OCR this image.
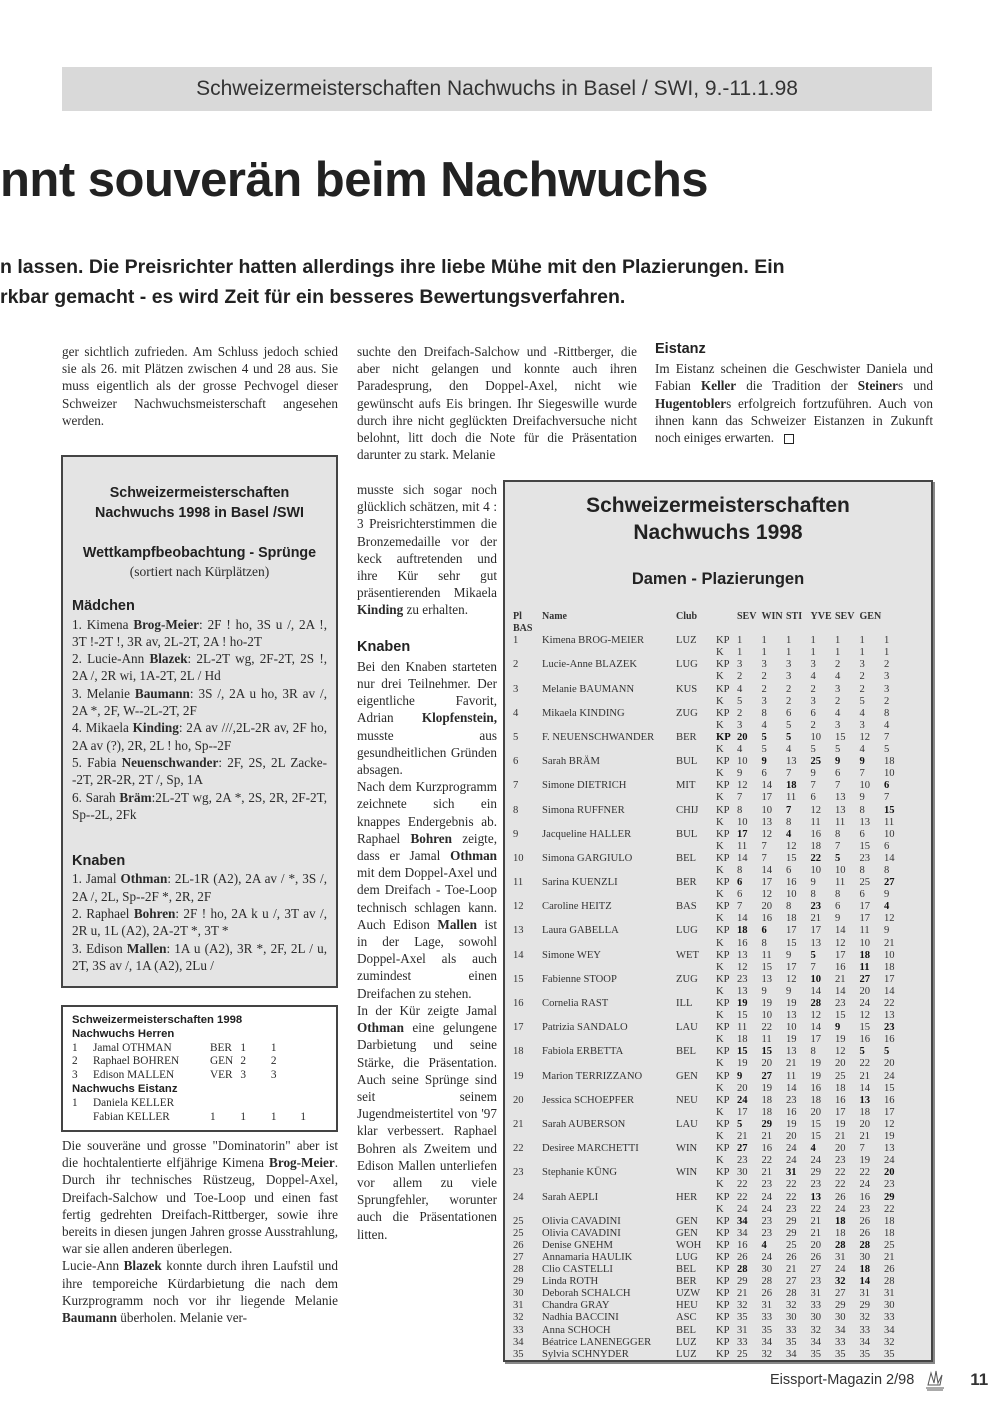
Schweizermeisterschaften Nachwuchs in Basel / SWI, 9.-11.1.98
nnt souverän beim Nachwuchs
n lassen. Die Preisrichter hatten allerdings ihre liebe Mühe mit den Plazierungen. Ein
rkbar gemacht - es wird Zeit für ein besseres Bewertungsverfahren.

ger sichtlich zufrieden. Am Schluss jedoch schied sie als 26. mit Plätzen zwischen 4 und 28 aus. Sie muss eigentlich als der grosse Pechvogel dieser Schweizer Nachwuchsmeisterschaft angesehen werden.

Schweizermeisterschaften Nachwuchs 1998 in Basel /SWI
Wettkampfbeobachtung - Sprünge
(sortiert nach Kürplätzen)
Mädchen
1. Kimena Brog-Meier: 2F ! ho, 3S u /, 2A !, 3T !-2T !, 3R av, 2L-2T, 2A ! ho-2T
2. Lucie-Ann Blazek: 2L-2T wg, 2F-2T, 2S !, 2A /, 2R wi, 1A-2T, 2L / Hd
3. Melanie Baumann: 3S /, 2A u ho, 3R av /, 2A *, 2F, W--2L-2T, 2F
4. Mikaela Kinding: 2A av ///,2L-2R av, 2F ho, 2A av (?), 2R, 2L ! ho, Sp--2F
5. Fabia Neuenschwander: 2F, 2S, 2L Zacke--2T, 2R-2R, 2T /, Sp, 1A
6. Sarah Bräm:2L-2T wg, 2A *, 2S, 2R, 2F-2T, Sp--2L, 2Fk
Knaben
1. Jamal Othman: 2L-1R (A2), 2A av / *, 3S /, 2A /, 2L, Sp--2F *, 2R, 2F
2. Raphael Bohren: 2F ! ho, 2A k u /, 3T av /, 2R u, 1L (A2), 2A-2T *, 3T *
3. Edison Mallen: 1A u (A2), 3R *, 2F, 2L / u, 2T, 3S av /, 1A (A2), 2Lu /
Schweizermeisterschaften 1998
Nachwuchs Herren
1	Jamal OTHMAN	BER 1	1
2	Raphael BOHREN	GEN 2	2
3	Edison MALLEN	VER 3	3
Nachwuchs Eistanz
1	Daniela KELLER
Fabian KELLER	1	1	1	1

Die souveräne und grosse "Dominatorin" aber ist die hochtalentierte elfjährige Kimena Brog-Meier. Durch ihr technisches Rüstzeug, Doppel-Axel, Dreifach-Salchow und Toe-Loop und einen fast fertig gedrehten Dreifach-Rittberger, sowie ihre bereits in diesen jungen Jahren grosse Ausstrahlung, war sie allen anderen überlegen.

Lucie-Ann Blazek konnte durch ihren Laufstil und ihre temporeiche Kürdarbietung die nach dem Kurzprogramm noch vor ihr liegende Melanie Baumann überholen. Melanie ver-

suchte den Dreifach-Salchow und -Rittberger, die aber nicht gelangen und konnte auch ihren Paradesprung, den Doppel-Axel, nicht wie gewünscht aufs Eis bringen. Ihr Siegeswille wurde durch ihre nicht geglückten Dreifachversuche nicht belohnt, litt doch die Note für die Präsentation darunter zu stark. Melanie

musste sich sogar noch glücklich schätzen, mit 4 : 3 Preisrichterstimmen die Bronzemedaille vor der keck auftretenden und ihre Kür sehr gut präsentierenden Mikaela Kinding zu erhalten.

Knaben

Bei den Knaben starteten nur drei Teilnehmer. Der eigentliche Favorit, Adrian Klopfenstein, musste aus gesundheitlichen Gründen absagen.

Nach dem Kurzprogramm zeichnete sich ein knappes Endergebnis ab. Raphael Bohren zeigte, dass er Jamal Othman mit dem Doppel-Axel und dem Dreifach - Toe-Loop technisch schlagen kann. Auch Edison Mallen ist in der Lage, sowohl Doppel-Axel als auch zumindest einen Dreifachen zu stehen.

In der Kür zeigte Jamal Othman eine gelungene Darbietung und seine Stärke, die Präsentation. Auch seine Sprünge sind seit seinem Jugendmeistertitel von '97 klar verbessert. Raphael Bohren als Zweitem und Edison Mallen unterliefen vor allem zu viele Sprungfehler, worunter auch die Präsentationen litten.

Eistanz

Im Eistanz scheinen die Geschwister Daniela und Fabian Keller die Tradition der Steiners und Hugentoblers erfolgreich fortzuführen. Auch von ihnen kann das Schweizer Eistanzen in Zukunft noch einiges erwarten.

Schweizermeisterschaften
Nachwuchs 1998
Damen - Plazierungen
Pl	Name	Club		SEV	WIN	STI	YVE	SEV	GEN	
BAS										
1	Kimena BROG-MEIER	LUZ	KP	1	1	1	1	1	1	1
			K	1	1	1	1	1	1	1
2	Lucie-Anne BLAZEK	LUG	KP	3	3	3	3	2	3	2
			K	2	2	3	4	4	2	3
3	Melanie BAUMANN	KUS	KP	4	2	2	2	3	2	3
			K	5	3	2	3	2	5	2
4	Mikaela KINDING	ZUG	KP	2	8	6	6	4	4	8
			K	3	4	5	2	3	3	4
5	F. NEUENSCHWANDER	BER	KP	20	5	5	10	15	12	7
			K	4	5	4	5	5	4	5
6	Sarah BRÄM	BUL	KP	10	9	13	25	9	9	18
			K	9	6	7	9	6	7	10
7	Simone DIETRICH	MIT	KP	12	14	18	7	7	10	6
			K	7	17	11	6	13	9	7
8	Simona RUFFNER	CHIJ	KP	8	10	7	12	13	8	15
			K	10	13	8	11	11	13	11
9	Jacqueline HALLER	BUL	KP	17	12	4	16	8	6	10
			K	11	7	12	18	7	15	6
10	Simona GARGIULO	BEL	KP	14	7	15	22	5	23	14
			K	8	14	6	10	10	8	8
11	Sarina KUENZLI	BER	KP	6	17	16	9	11	25	27
			K	6	12	10	8	8	6	9
12	Caroline HEITZ	BAS	KP	7	20	8	23	6	17	4
			K	14	16	18	21	9	17	12
13	Laura GABELLA	LUG	KP	18	6	17	17	14	11	9
			K	16	8	15	13	12	10	21
14	Simone WEY	WET	KP	13	11	9	5	17	18	10
			K	12	15	17	7	16	11	18
15	Fabienne STOOP	ZUG	KP	23	13	12	10	21	27	17
			K	13	9	9	14	14	20	14
16	Cornelia RAST	ILL	KP	19	19	19	28	23	24	22
			K	15	10	13	12	15	12	13
17	Patrizia SANDALO	LAU	KP	11	22	10	14	9	15	23
			K	18	11	19	17	19	16	16
18	Fabiola ERBETTA	BEL	KP	15	15	13	8	12	5	5
			K	19	20	21	19	20	22	20
19	Marion TERRIZZANO	GEN	KP	9	27	11	19	25	21	24
			K	20	19	14	16	18	14	15
20	Jessica SCHOEPFER	NEU	KP	24	18	23	18	16	13	16
			K	17	18	16	20	17	18	17
21	Sarah AUBERSON	LAU	KP	5	29	19	15	19	20	12
			K	21	21	20	15	21	21	19
22	Desiree MARCHETTI	WIN	KP	27	16	24	4	20	7	13
			K	23	22	24	24	23	19	24
23	Stephanie KÜNG	WIN	KP	30	21	31	29	22	22	20
			K	22	23	22	23	22	24	23
24	Sarah AEPLI	HER	KP	22	24	22	13	26	16	29
			K	24	24	23	22	24	23	22
25	Olivia CAVADINI	GEN	KP	34	23	29	21	18	26	18
25	Olivia CAVADINI	GEN	KP	34	23	29	21	18	26	18
26	Denise GNEHM	WOH	KP	16	4	25	20	28	28	25
27	Annamaria HAULIK	LUG	KP	26	24	26	26	31	30	21
28	Clio CASTELLI	BEL	KP	28	30	21	27	24	18	26
29	Linda ROTH	BER	KP	29	28	27	23	32	14	28
30	Deborah SCHALCH	UZW	KP	21	26	28	31	27	31	31
31	Chandra GRAY	HEU	KP	32	31	32	33	29	29	30
32	Nadhia BACCINI	ASC	KP	35	33	30	30	30	32	33
33	Anna SCHOCH	BEL	KP	31	35	33	32	34	33	34
34	Béatrice LANENEGGER	LUZ	KP	33	34	35	34	33	34	32
35	Sylvia SCHNYDER	LUZ	KP	25	32	34	35	35	35	35
Eissport-Magazin 2/98	11
